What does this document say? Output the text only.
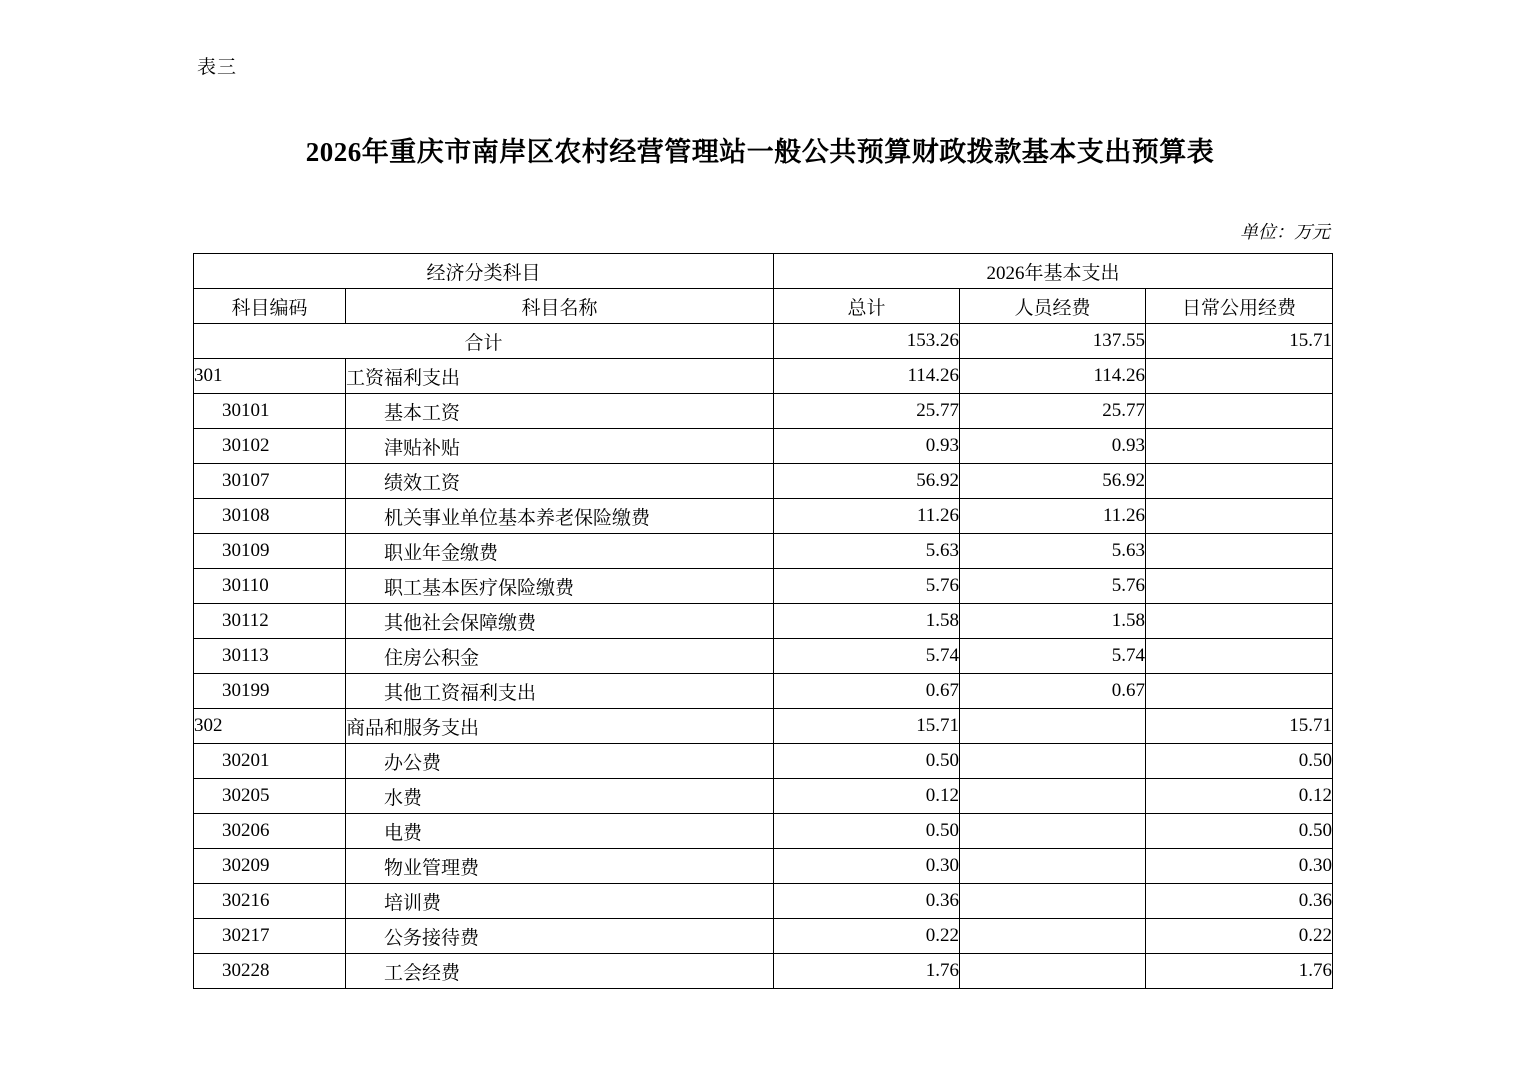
表三
2026年重庆市南岸区农村经营管理站一般公共预算财政拨款基本支出预算表
单位：万元
经济分类科目		2026年基本支出		
科目编码	科目名称	总计	人员经费	日常公用经费
合计		153.26	137.55	15.71
301	工资福利支出	114.26	114.26	
30101	基本工资	25.77	25.77	
30102	津贴补贴	0.93	0.93	
30107	绩效工资	56.92	56.92	
30108	机关事业单位基本养老保险缴费	11.26	11.26	
30109	职业年金缴费	5.63	5.63	
30110	职工基本医疗保险缴费	5.76	5.76	
30112	其他社会保障缴费	1.58	1.58	
30113	住房公积金	5.74	5.74	
30199	其他工资福利支出	0.67	0.67	
302	商品和服务支出	15.71		15.71
30201	办公费	0.50		0.50
30205	水费	0.12		0.12
30206	电费	0.50		0.50
30209	物业管理费	0.30		0.30
30216	培训费	0.36		0.36
30217	公务接待费	0.22		0.22
30228	工会经费	1.76		1.76
